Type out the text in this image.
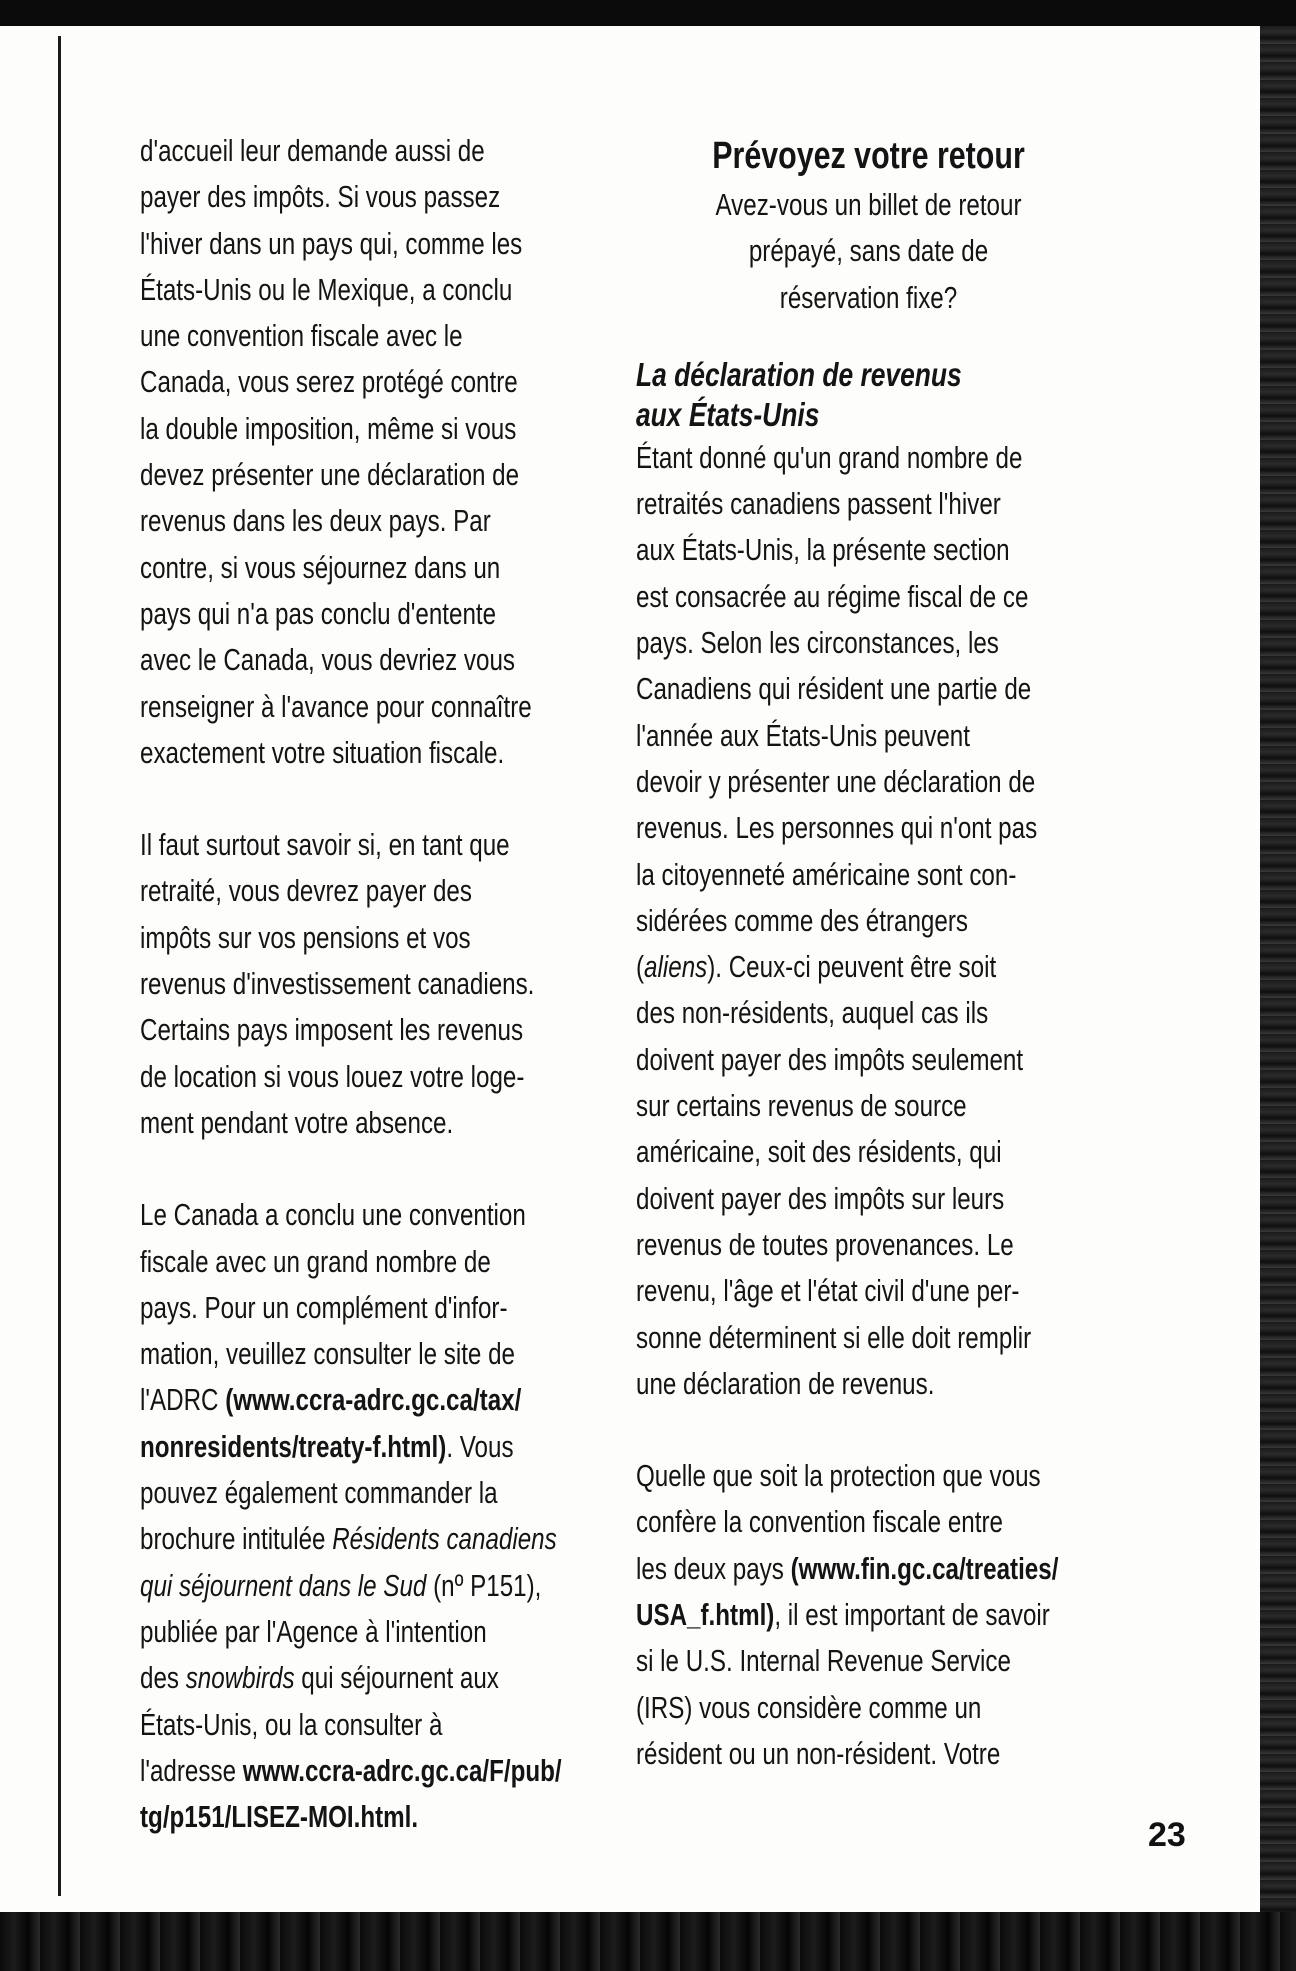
d'accueil leur demande aussi de
payer des impôts. Si vous passez
l'hiver dans un pays qui, comme les
États-Unis ou le Mexique, a conclu
une convention fiscale avec le
Canada, vous serez protégé contre
la double imposition, même si vous
devez présenter une déclaration de
revenus dans les deux pays. Par
contre, si vous séjournez dans un
pays qui n'a pas conclu d'entente
avec le Canada, vous devriez vous
renseigner à l'avance pour connaître
exactement votre situation fiscale.
Il faut surtout savoir si, en tant que
retraité, vous devrez payer des
impôts sur vos pensions et vos
revenus d'investissement canadiens.
Certains pays imposent les revenus
de location si vous louez votre loge-
ment pendant votre absence.
Le Canada a conclu une convention
fiscale avec un grand nombre de
pays. Pour un complément d'infor-
mation, veuillez consulter le site de
l'ADRC (www.ccra-adrc.gc.ca/tax/
nonresidents/treaty-f.html). Vous
pouvez également commander la
brochure intitulée Résidents canadiens
qui séjournent dans le Sud (nº P151),
publiée par l'Agence à l'intention
des snowbirds qui séjournent aux
États-Unis, ou la consulter à
l'adresse www.ccra-adrc.gc.ca/F/pub/
tg/p151/LISEZ-MOI.html.
Prévoyez votre retour
Avez-vous un billet de retour
prépayé, sans date de
réservation fixe?
La déclaration de revenus
aux États-Unis
Étant donné qu'un grand nombre de
retraités canadiens passent l'hiver
aux États-Unis, la présente section
est consacrée au régime fiscal de ce
pays. Selon les circonstances, les
Canadiens qui résident une partie de
l'année aux États-Unis peuvent
devoir y présenter une déclaration de
revenus. Les personnes qui n'ont pas
la citoyenneté américaine sont con-
sidérées comme des étrangers
(aliens). Ceux-ci peuvent être soit
des non-résidents, auquel cas ils
doivent payer des impôts seulement
sur certains revenus de source
américaine, soit des résidents, qui
doivent payer des impôts sur leurs
revenus de toutes provenances. Le
revenu, l'âge et l'état civil d'une per-
sonne déterminent si elle doit remplir
une déclaration de revenus.
Quelle que soit la protection que vous
confère la convention fiscale entre
les deux pays (www.fin.gc.ca/treaties/
USA_f.html), il est important de savoir
si le U.S. Internal Revenue Service
(IRS) vous considère comme un
résident ou un non-résident. Votre
23
